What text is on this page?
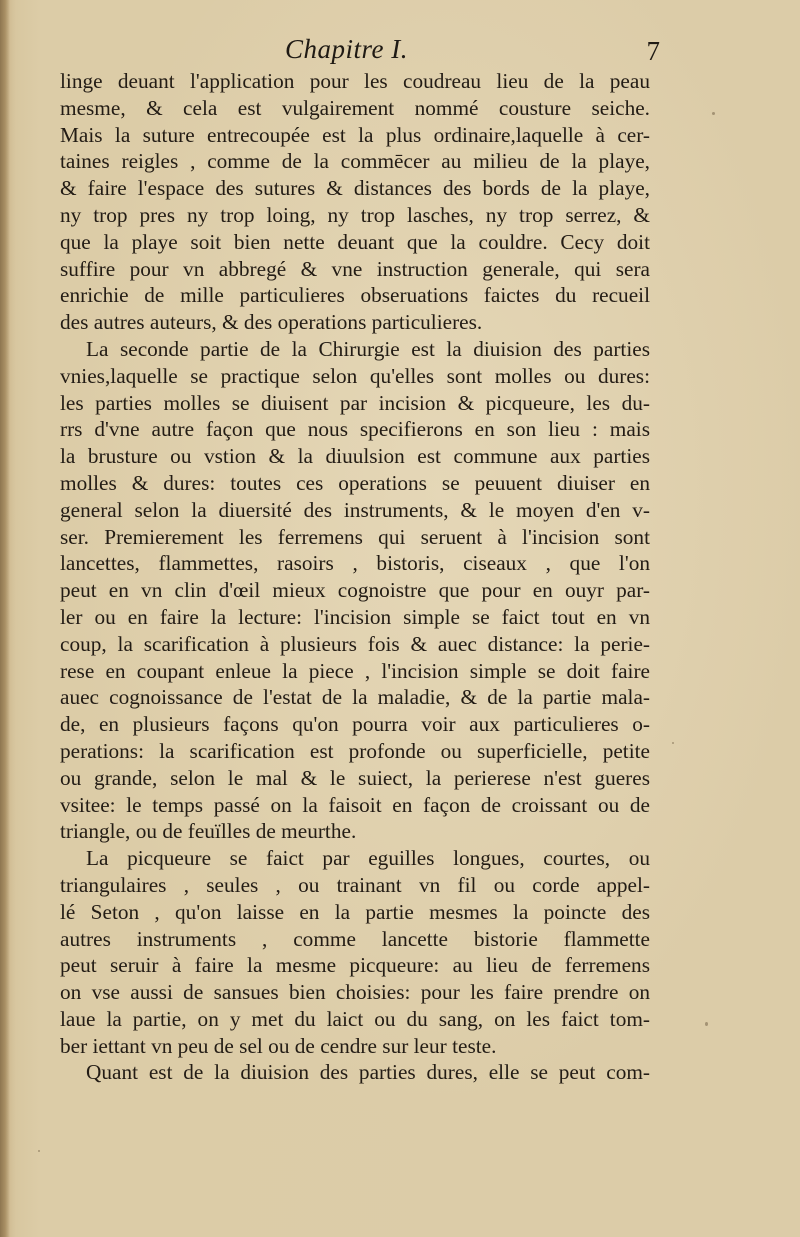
Chapitre I.	7
linge deuant l'application pour les coudreau lieu de la peau
mesme, & cela est vulgairement nommé cousture seiche.
Mais la suture entrecoupée est la plus ordinaire,laquelle à cer-
taines reigles , comme de la commēcer au milieu de la playe,
& faire l'espace des sutures & distances des bords de la playe,
ny trop pres ny trop loing, ny trop lasches, ny trop serrez, &
que la playe soit bien nette deuant que la couldre. Cecy doit
suffire pour vn abbregé & vne instruction generale, qui sera
enrichie de mille particulieres obseruations faictes du recueil
des autres auteurs, & des operations particulieres.
La seconde partie de la Chirurgie est la diuision des parties
vnies,laquelle se practique selon qu'elles sont molles ou dures:
les parties molles se diuisent par incision & picqueure, les du-
rrs d'vne autre façon que nous specifierons en son lieu : mais
la brusture ou vstion & la diuulsion est commune aux parties
molles & dures: toutes ces operations se peuuent diuiser en
general selon la diuersité des instruments, & le moyen d'en v-
ser. Premierement les ferremens qui seruent à l'incision sont
lancettes, flammettes, rasoirs , bistoris, ciseaux , que l'on
peut en vn clin d'œil mieux cognoistre que pour en ouyr par-
ler ou en faire la lecture: l'incision simple se faict tout en vn
coup, la scarification à plusieurs fois & auec distance: la perie-
rese en coupant enleue la piece , l'incision simple se doit faire
auec cognoissance de l'estat de la maladie, & de la partie mala-
de, en plusieurs façons qu'on pourra voir aux particulieres o-
perations: la scarification est profonde ou superficielle, petite
ou grande, selon le mal & le suiect, la perierese n'est gueres
vsitee: le temps passé on la faisoit en façon de croissant ou de
triangle, ou de feuïlles de meurthe.
La picqueure se faict par eguilles longues, courtes, ou
triangulaires , seules , ou trainant vn fil ou corde appel-
lé Seton , qu'on laisse en la partie mesmes la poincte des
autres instruments , comme lancette bistorie flammette
peut seruir à faire la mesme picqueure: au lieu de ferremens
on vse aussi de sansues bien choisies: pour les faire prendre on
laue la partie, on y met du laict ou du sang, on les faict tom-
ber iettant vn peu de sel ou de cendre sur leur teste.
Quant est de la diuision des parties dures, elle se peut com-
